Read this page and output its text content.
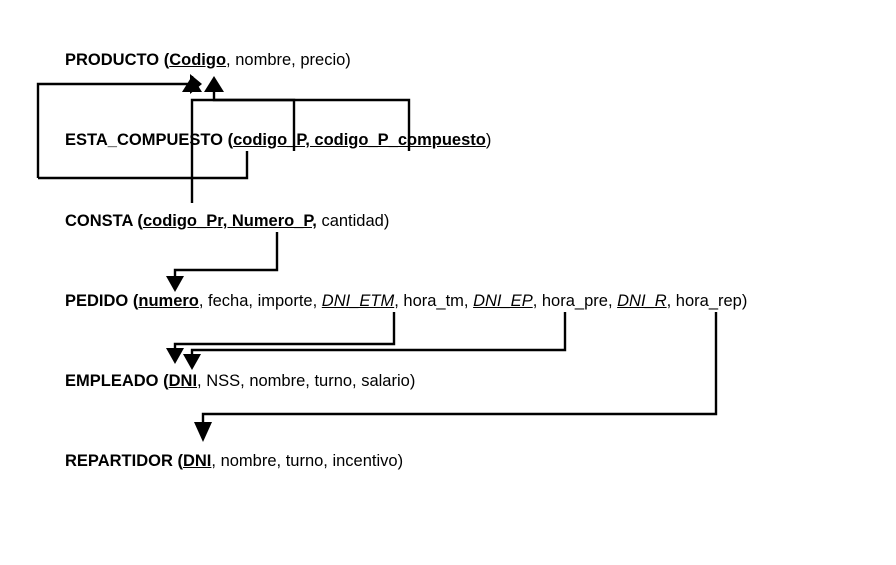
PRODUCTO (Codigo, nombre, precio)
ESTA_COMPUESTO (codigo_P, codigo_P_compuesto)
CONSTA (codigo_Pr, Numero_P, cantidad)
PEDIDO (numero, fecha, importe, DNI_ETM, hora_tm, DNI_EP, hora_pre, DNI_R, hora_rep)
EMPLEADO (DNI, NSS, nombre, turno, salario)
REPARTIDOR (DNI, nombre, turno, incentivo)
